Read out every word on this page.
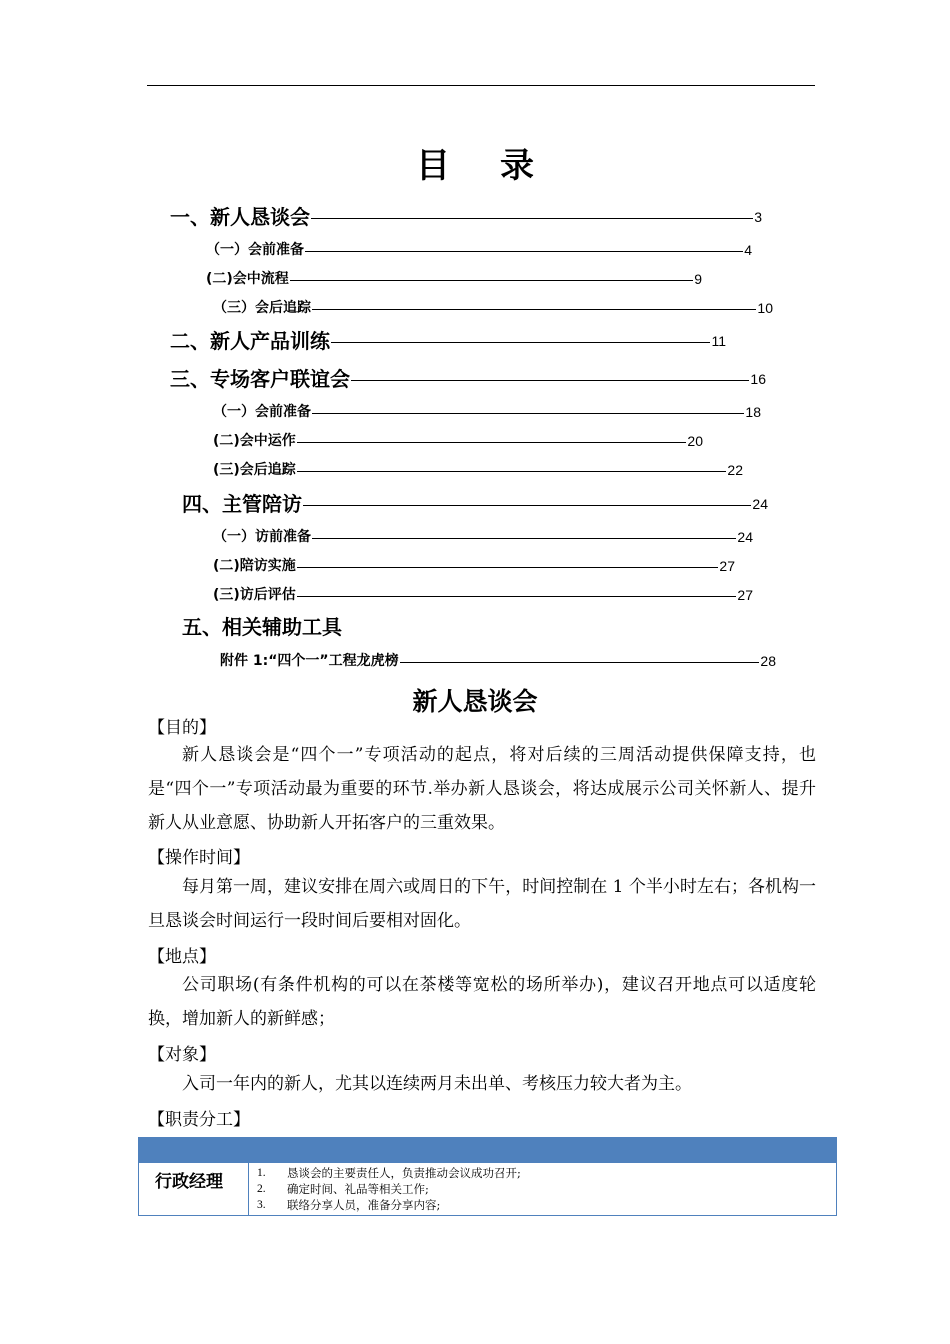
目录
一、新人恳谈会	3
（一）会前准备	4
(二)会中流程	9
（三）会后追踪	10
二、新人产品训练	11
三、专场客户联谊会	16
（一）会前准备	18
(二)会中运作	20
(三)会后追踪	22
四、主管陪访	24
（一）访前准备	24
(二)陪访实施	27
(三)访后评估	27
五、相关辅助工具
附件 1:“四个一”工程龙虎榜	28
新人恳谈会
【目的】
新人恳谈会是“四个一”专项活动的起点，将对后续的三周活动提供保障支持，也是“四个一”专项活动最为重要的环节.举办新人恳谈会，将达成展示公司关怀新人、提升新人从业意愿、协助新人开拓客户的三重效果。
【操作时间】
每月第一周，建议安排在周六或周日的下午，时间控制在 1 个半小时左右；各机构一旦恳谈会时间运行一段时间后要相对固化。
【地点】
公司职场(有条件机构的可以在茶楼等宽松的场所举办)，建议召开地点可以适度轮换，增加新人的新鲜感；
【对象】
入司一年内的新人，尤其以连续两月未出单、考核压力较大者为主。
【职责分工】
行政经理	1.	恳谈会的主要责任人，负责推动会议成功召开;
2.	确定时间、礼品等相关工作;
3.	联络分享人员，准备分享内容;
